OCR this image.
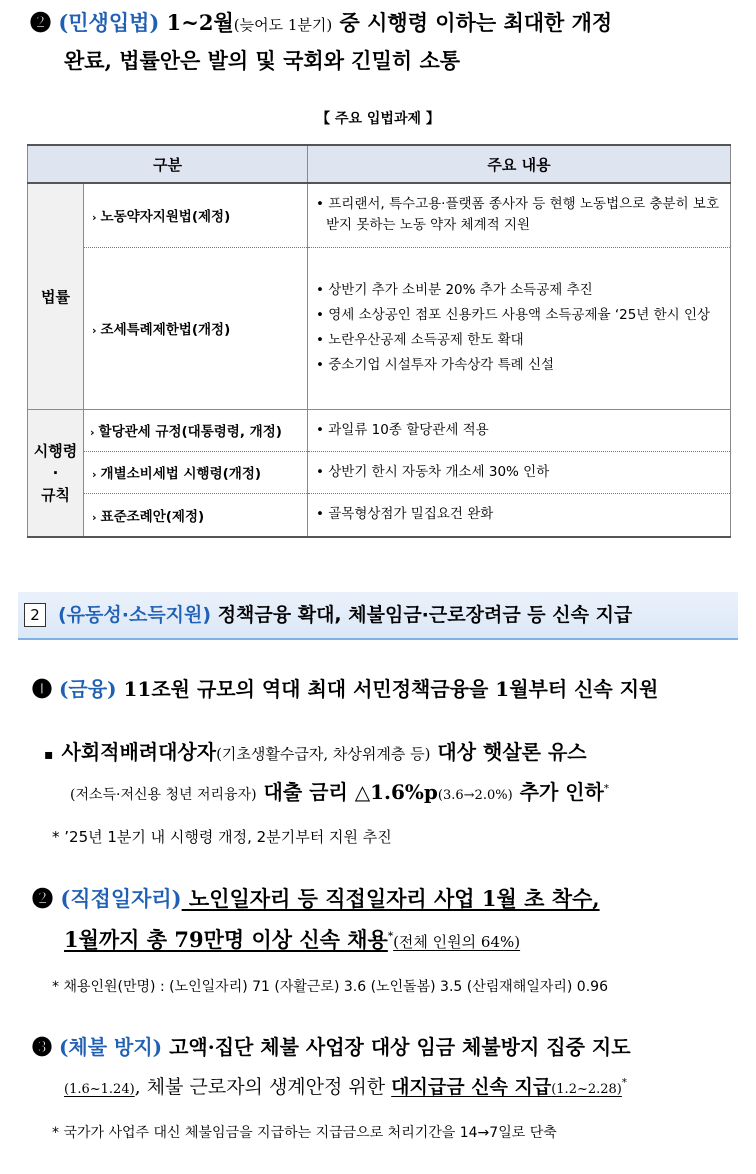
❷ (민생입법) 1~2월(늦어도 1분기) 중 시행령 이하는 최대한 개정
완료, 법률안은 발의 및 국회와 긴밀히 소통
【 주요 입법과제 】
구분		주요 내용
법률	› 노동약자지원법(제정)	• 프리랜서, 특수고용·플랫폼 종사자 등 현행 노동법으로 충분히 보호받지 못하는 노동 약자 체계적 지원

	› 조세특례제한법(개정)	• 상반기 추가 소비분 20% 추가 소득공제 추진

• 영세 소상공인 점포 신용카드 사용액 소득공제율 ‘25년 한시 인상

• 노란우산공제 소득공제 한도 확대

• 중소기업 시설투자 가속상각 특례 신설

시행령
·
규칙	› 할당관세 규정(대통령령, 개정)	• 과일류 10종 할당관세 적용
	› 개별소비세법 시행령(개정)	• 상반기 한시 자동차 개소세 30% 인하
	› 표준조례안(제정)	• 골목형상점가 밀집요건 완화
2 (유동성·소득지원) 정책금융 확대, 체불임금·근로장려금 등 신속 지급
❶ (금융) 11조원 규모의 역대 최대 서민정책금융을 1월부터 신속 지원
▪ 사회적배려대상자(기초생활수급자, 차상위계층 등) 대상 햇살론 유스
(저소득·저신용 청년 저리융자) 대출 금리 △1.6%p(3.6→2.0%) 추가 인하*
* ’25년 1분기 내 시행령 개정, 2분기부터 지원 추진
❷ (직접일자리) 노인일자리 등 직접일자리 사업 1월 초 착수,
1월까지 총 79만명 이상 신속 채용*(전체 인원의 64%)
* 채용인원(만명) : (노인일자리) 71 (자활근로) 3.6 (노인돌봄) 3.5 (산림재해일자리) 0.96
❸ (체불 방지) 고액·집단 체불 사업장 대상 임금 체불방지 집중 지도
(1.6~1.24), 체불 근로자의 생계안정 위한 대지급금 신속 지급(1.2~2.28)*
* 국가가 사업주 대신 체불임금을 지급하는 지급금으로 처리기간을 14→7일로 단축
